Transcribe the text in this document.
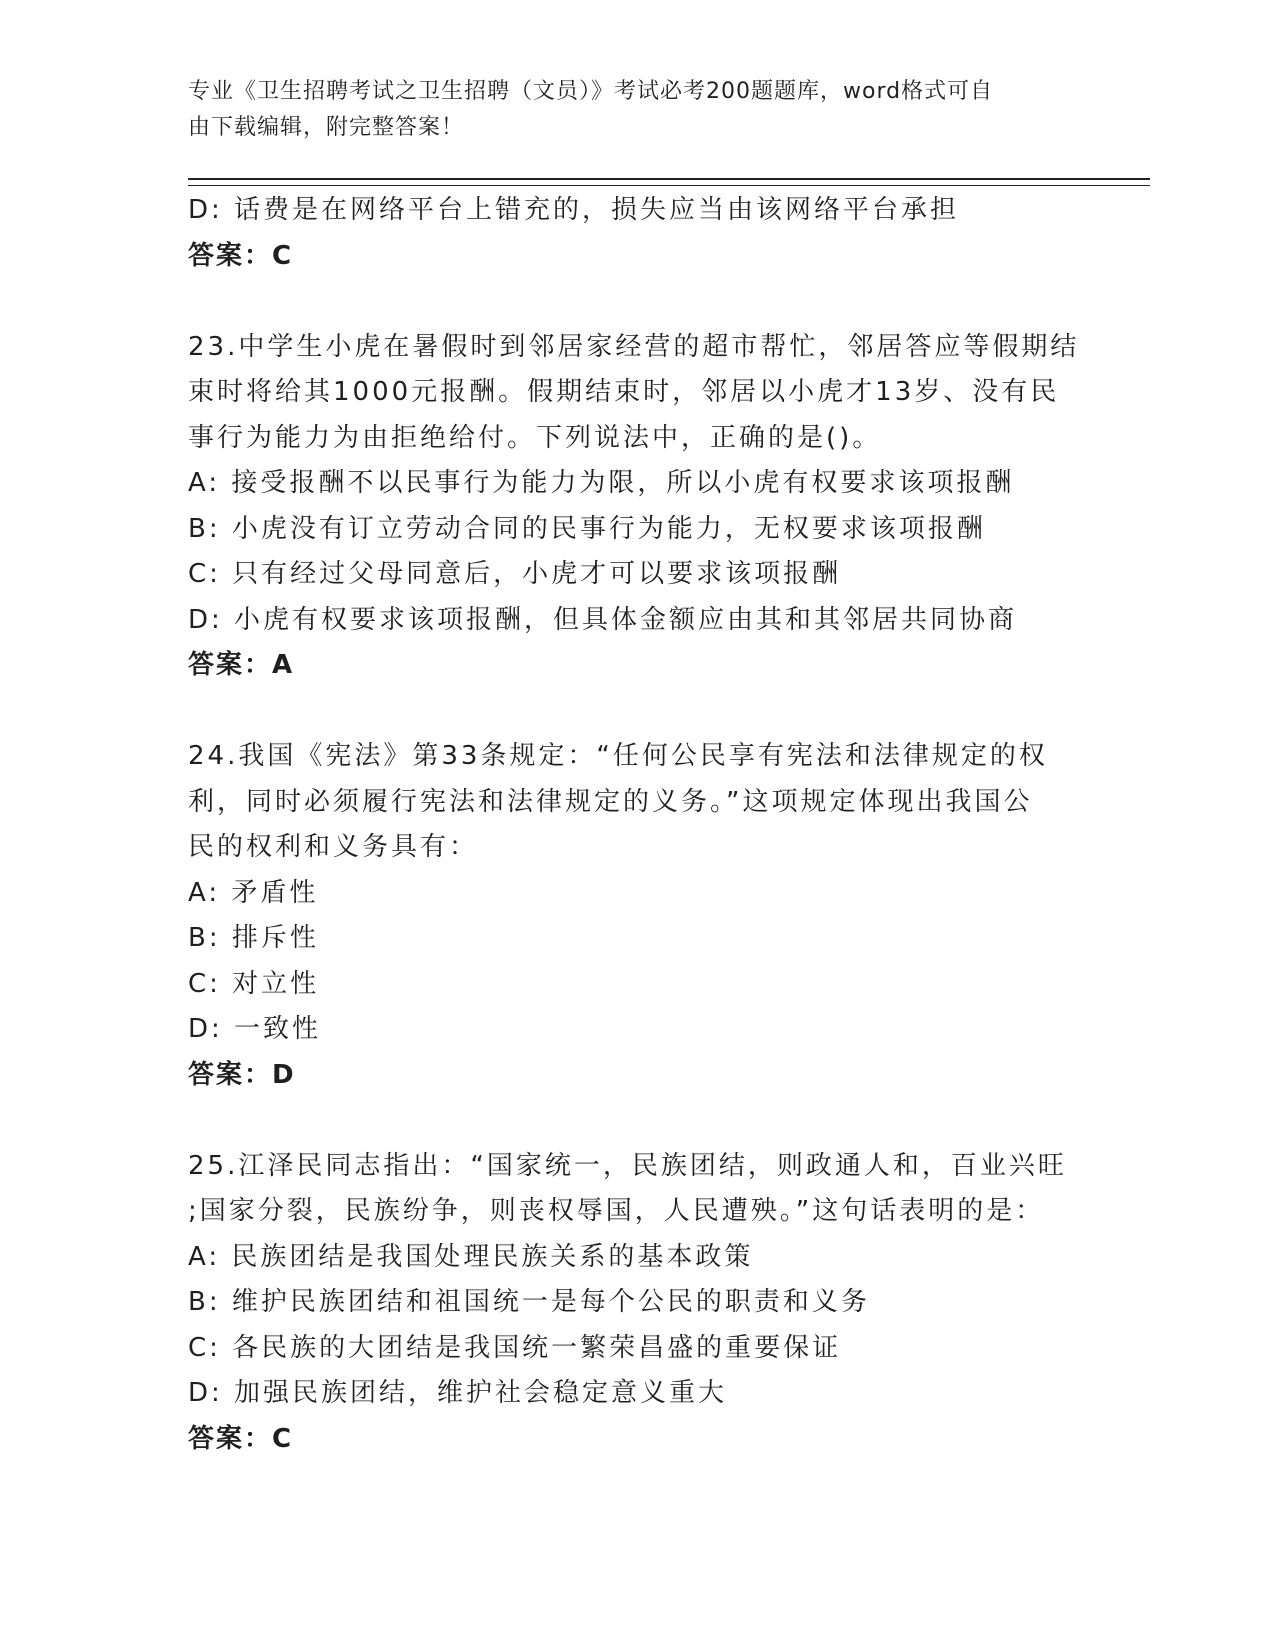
专业《卫生招聘考试之卫生招聘（文员）》考试必考200题题库，word格式可自
由下载编辑，附完整答案！
D: 话费是在网络平台上错充的，损失应当由该网络平台承担
答案：C
23.中学生小虎在暑假时到邻居家经营的超市帮忙，邻居答应等假期结
束时将给其1000元报酬。假期结束时，邻居以小虎才13岁、没有民
事行为能力为由拒绝给付。下列说法中，正确的是()。
A: 接受报酬不以民事行为能力为限，所以小虎有权要求该项报酬
B: 小虎没有订立劳动合同的民事行为能力，无权要求该项报酬
C: 只有经过父母同意后，小虎才可以要求该项报酬
D: 小虎有权要求该项报酬，但具体金额应由其和其邻居共同协商
答案：A
24.我国《宪法》第33条规定：“任何公民享有宪法和法律规定的权
利，同时必须履行宪法和法律规定的义务。”这项规定体现出我国公
民的权利和义务具有：
A: 矛盾性
B: 排斥性
C: 对立性
D: 一致性
答案：D
25.江泽民同志指出：“国家统一，民族团结，则政通人和，百业兴旺
;国家分裂，民族纷争，则丧权辱国，人民遭殃。”这句话表明的是：
A: 民族团结是我国处理民族关系的基本政策
B: 维护民族团结和祖国统一是每个公民的职责和义务
C: 各民族的大团结是我国统一繁荣昌盛的重要保证
D: 加强民族团结，维护社会稳定意义重大
答案：C
